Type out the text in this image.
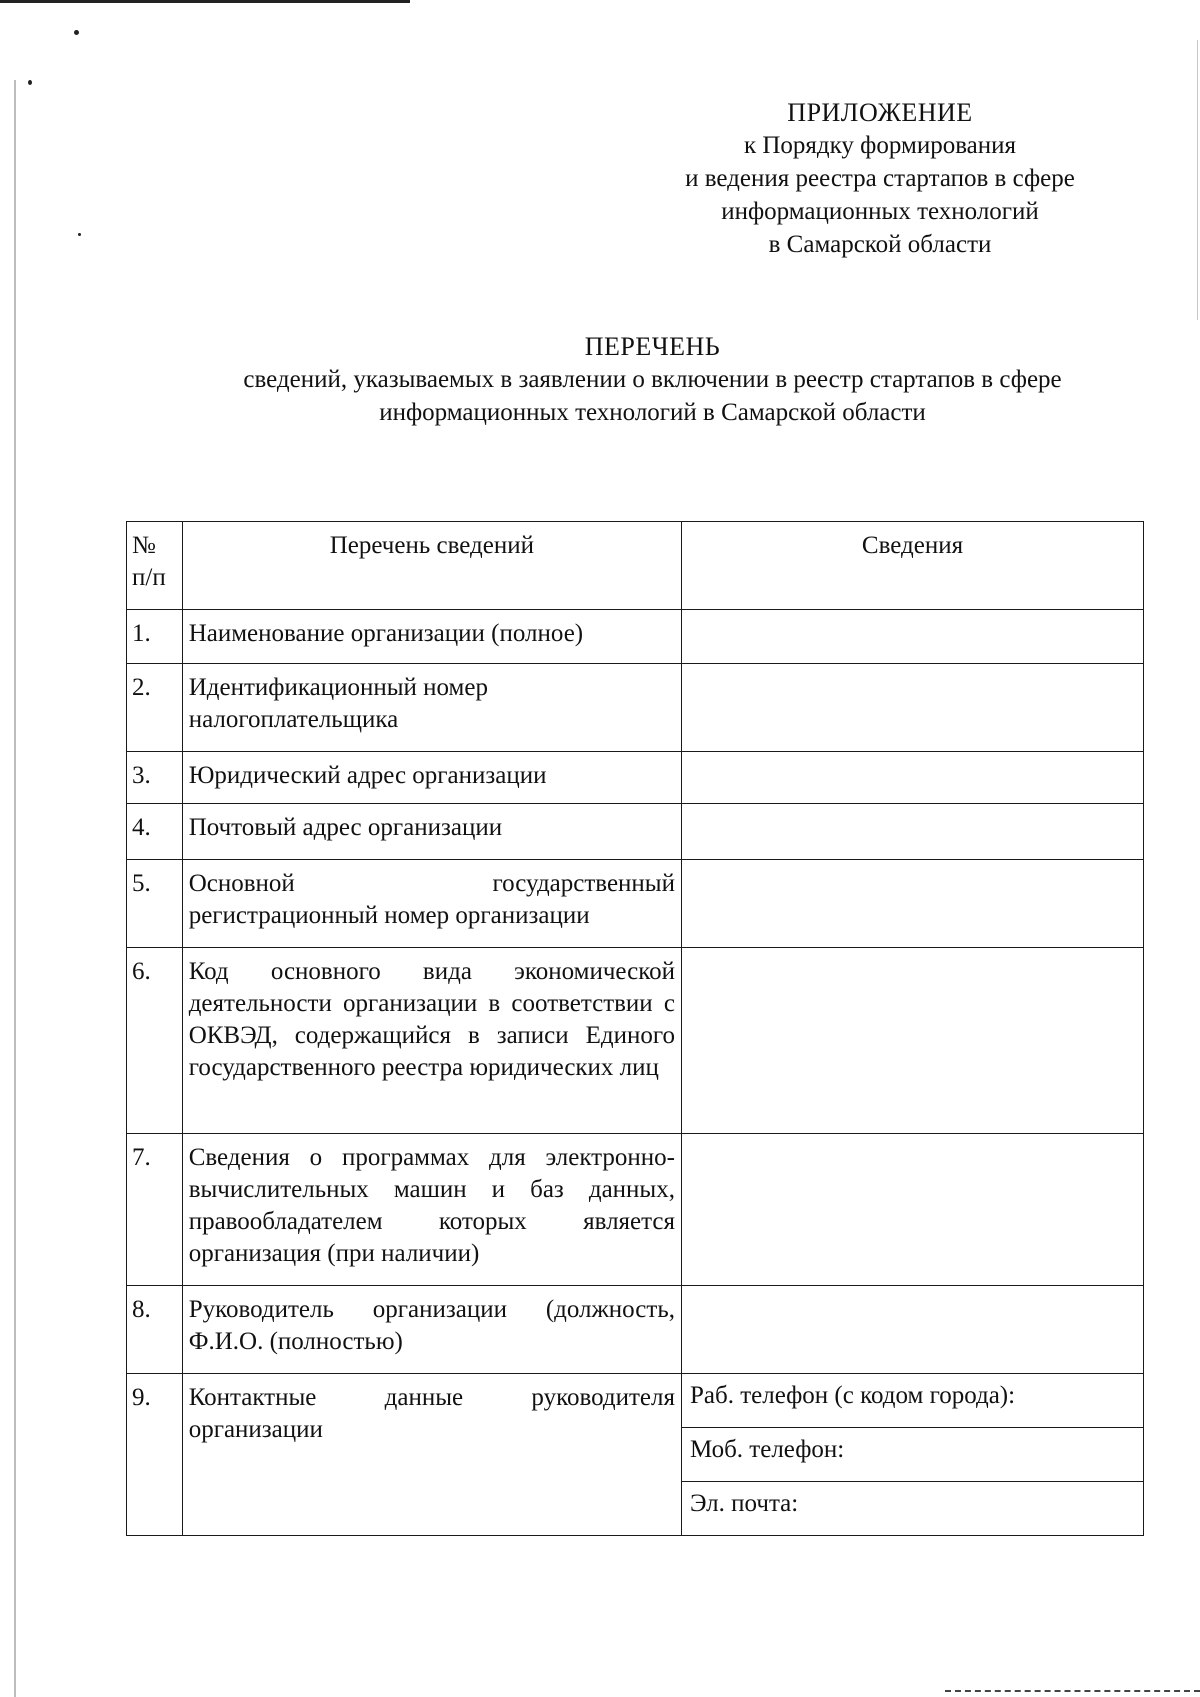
ПРИЛОЖЕНИЕ
к Порядку формирования
и ведения реестра стартапов в сфере
информационных технологий
в Самарской области
ПЕРЕЧЕНЬ
сведений, указываемых в заявлении о включении в реестр стартапов в сфере
информационных технологий в Самарской области
№
п/п	Перечень сведений	Сведения
1.	Наименование организации (полное)	
2.	Идентификационный номер налогоплательщика	
3.	Юридический адрес организации	
4.	Почтовый адрес организации	
5.	Основной государственный регистрационный номер организации	
6.	Код основного вида экономической деятельности организации в соответствии с ОКВЭД, содержащийся в записи Единого государственного реестра юридических лиц	
7.	Сведения о программах для электронно-вычислительных машин и баз данных, правообладателем которых является организация (при наличии)	
8.	Руководитель организации (должность, Ф.И.О. (полностью)	
9.	Контактные данные руководителя организации	Раб. телефон (с кодом города):
		Моб. телефон:
		Эл. почта:
